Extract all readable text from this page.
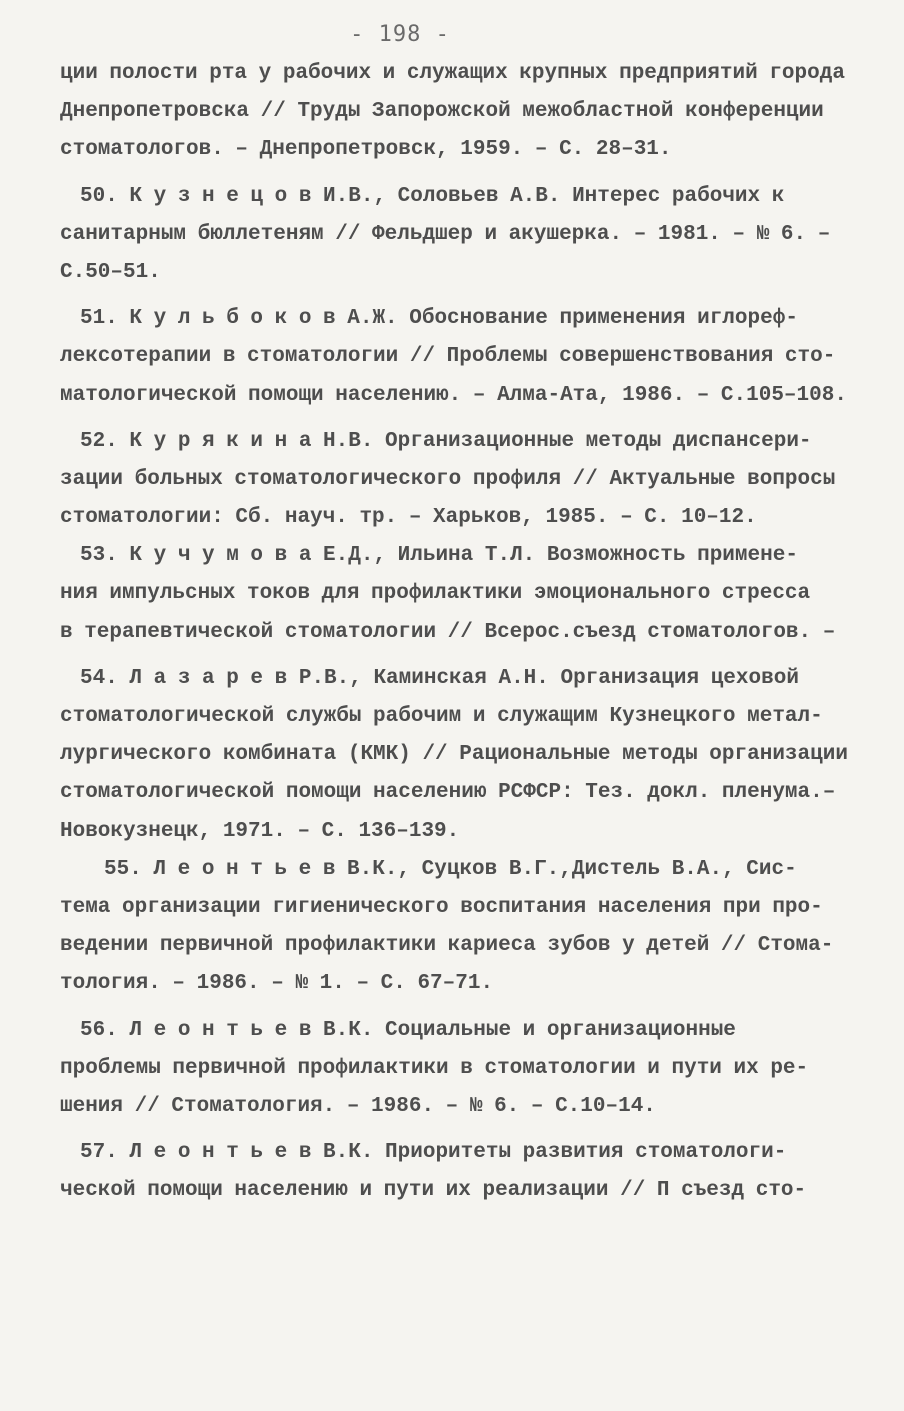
- 198 -
ции полости рта у рабочих и служащих крупных предприятий города
Днепропетровска // Труды Запорожской межобластной конференции
стоматологов. – Днепропетровск, 1959. – С. 28–31.
50. К у з н е ц о в И.В., Соловьев А.В. Интерес рабочих к
санитарным бюллетеням // Фельдшер и акушерка. – 1981. – № 6. –
С.50–51.
51. К у л ь б о к о в А.Ж. Обоснование применения иглореф-
лексотерапии в стоматологии // Проблемы совершенствования сто-
матологической помощи населению. – Алма-Ата, 1986. – С.105–108.
52. К у р я к и н а Н.В. Организационные методы диспансери-
зации больных стоматологического профиля // Актуальные вопросы
стоматологии: Сб. науч. тр. – Харьков, 1985. – С. 10–12.
53. К у ч у м о в а Е.Д., Ильина Т.Л. Возможность примене-
ния импульсных токов для профилактики эмоционального стресса
в терапевтической стоматологии // Всерос.съезд стоматологов. –
54. Л а з а р е в Р.В., Каминская А.Н. Организация цеховой
стоматологической службы рабочим и служащим Кузнецкого метал-
лургического комбината (КМК) // Рациональные методы организации
стоматологической помощи населению РСФСР: Тез. докл. пленума.–
Новокузнецк, 1971. – С. 136–139.
55. Л е о н т ь е в В.К., Суцков В.Г.,Дистель В.А., Сис-
тема организации гигиенического воспитания населения при про-
ведении первичной профилактики кариеса зубов у детей // Стома-
тология. – 1986. – № 1. – С. 67–71.
56. Л е о н т ь е в В.К. Социальные и организационные
проблемы первичной профилактики в стоматологии и пути их ре-
шения // Стоматология. – 1986. – № 6. – С.10–14.
57. Л е о н т ь е в В.К. Приоритеты развития стоматологи-
ческой помощи населению и пути их реализации // П съезд сто-
